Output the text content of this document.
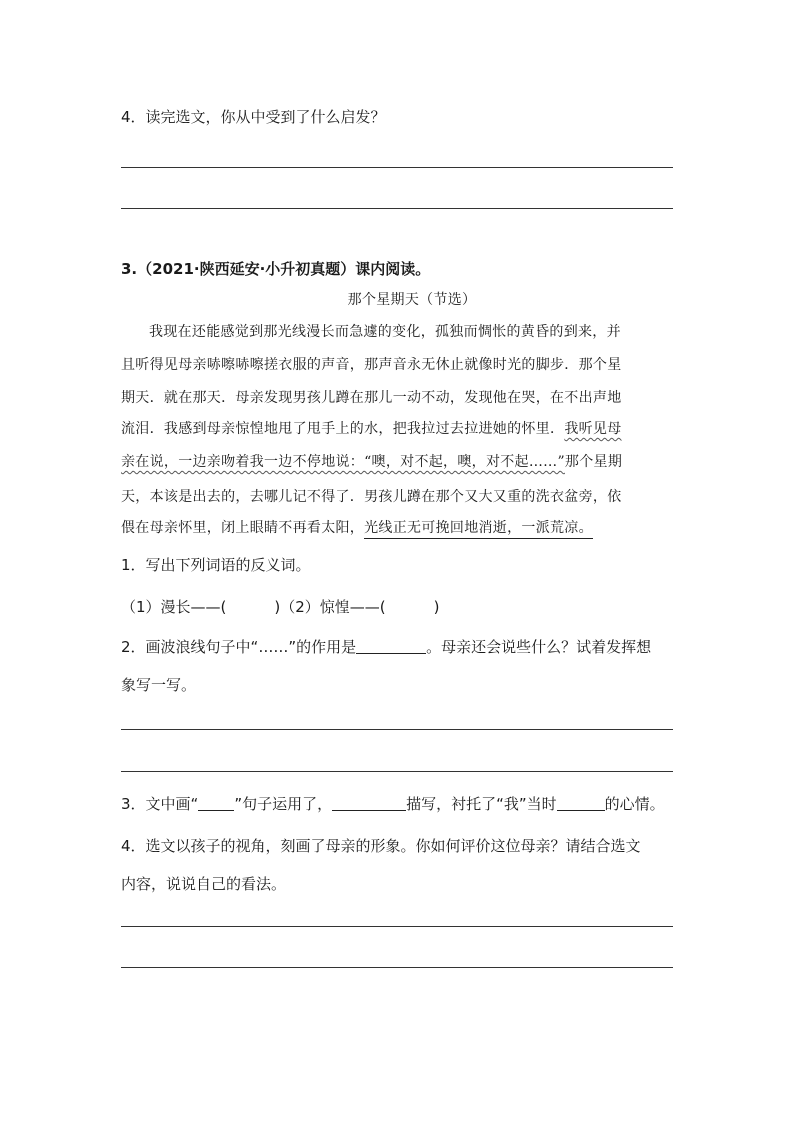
4．读完选文，你从中受到了什么启发？
3.（2021·陕西延安·小升初真题）课内阅读。
那个星期天（节选）
我现在还能感觉到那光线漫长而急遽的变化，孤独而惆怅的黄昏的到来，并
且听得见母亲哧嚓哧嚓搓衣服的声音，那声音永无休止就像时光的脚步．那个星
期天．就在那天．母亲发现男孩儿蹲在那儿一动不动，发现他在哭，在不出声地
流泪．我感到母亲惊惶地甩了甩手上的水，把我拉过去拉进她的怀里．我听见母
亲在说，一边亲吻着我一边不停地说：“噢，对不起，噢，对不起……”那个星期
天，本该是出去的，去哪儿记不得了．男孩儿蹲在那个又大又重的洗衣盆旁，依
偎在母亲怀里，闭上眼睛不再看太阳，光线正无可挽回地消逝，一派荒凉。
1．写出下列词语的反义词。
（1）漫长——(	)（2）惊惶——(	)
2．画波浪线句子中“……”的作用是	。母亲还会说些什么？试着发挥想
象写一写。
3．文中画“ ”句子运用了，	描写，衬托了“我”当时	的心情。
4．选文以孩子的视角，刻画了母亲的形象。你如何评价这位母亲？请结合选文
内容，说说自己的看法。
